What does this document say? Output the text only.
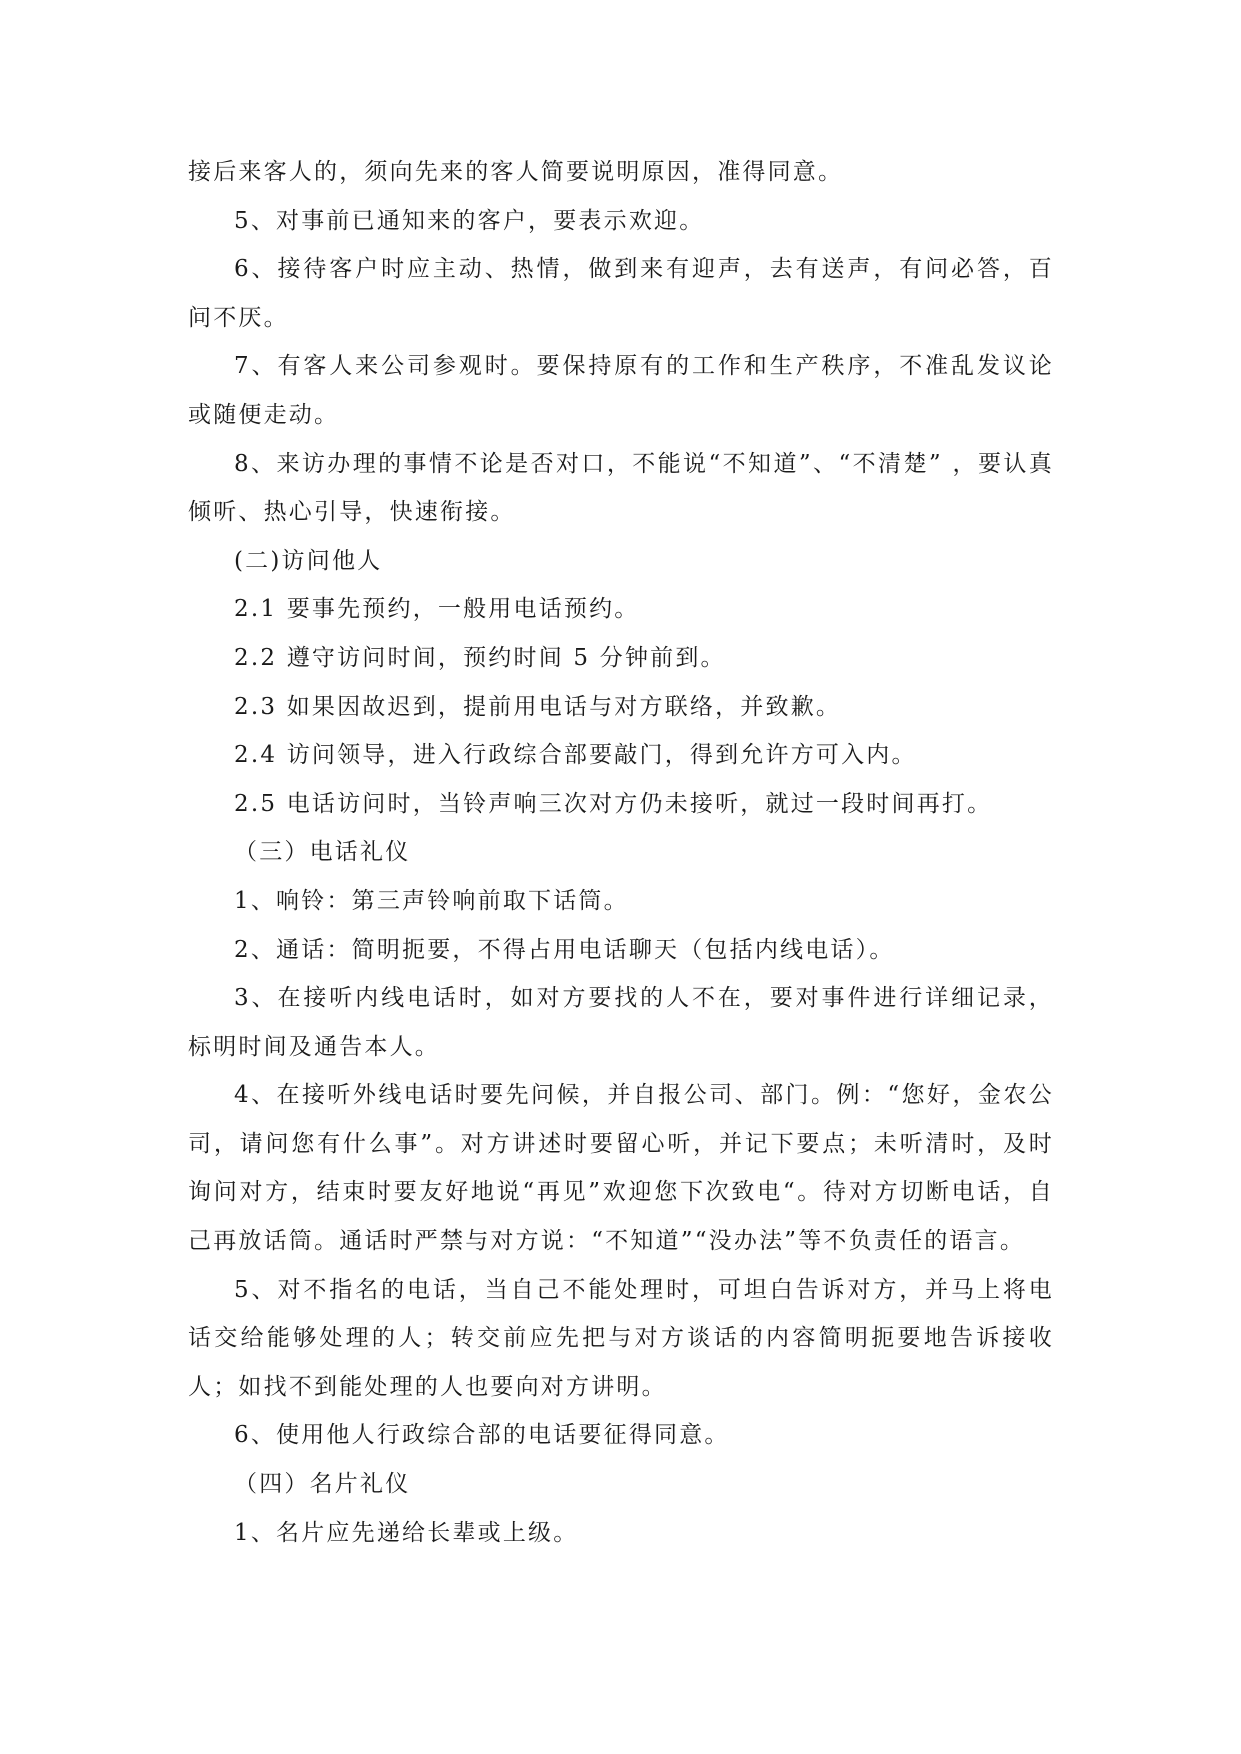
接后来客人的，须向先来的客人简要说明原因，准得同意。

5、对事前已通知来的客户，要表示欢迎。

6、接待客户时应主动、热情，做到来有迎声，去有送声，有问必答，百问不厌。

7、有客人来公司参观时。要保持原有的工作和生产秩序，不准乱发议论或随便走动。

8、来访办理的事情不论是否对口，不能说“不知道”、“不清楚” ，要认真倾听、热心引导，快速衔接。

(二)访问他人

2.1 要事先预约，一般用电话预约。

2.2 遵守访问时间，预约时间 5 分钟前到。

2.3 如果因故迟到，提前用电话与对方联络，并致歉。

2.4 访问领导，进入行政综合部要敲门，得到允许方可入内。

2.5 电话访问时，当铃声响三次对方仍未接听，就过一段时间再打。

（三）电话礼仪

1、响铃：第三声铃响前取下话筒。

2、通话：简明扼要，不得占用电话聊天（包括内线电话）。

3、在接听内线电话时，如对方要找的人不在，要对事件进行详细记录，标明时间及通告本人。

4、在接听外线电话时要先问候，并自报公司、部门。例：“您好，金农公司，请问您有什么事”。对方讲述时要留心听，并记下要点；未听清时，及时询问对方，结束时要友好地说“再见”欢迎您下次致电“。待对方切断电话，自己再放话筒。通话时严禁与对方说：“不知道”“没办法”等不负责任的语言。

5、对不指名的电话，当自己不能处理时，可坦白告诉对方，并马上将电话交给能够处理的人；转交前应先把与对方谈话的内容简明扼要地告诉接收人；如找不到能处理的人也要向对方讲明。

6、使用他人行政综合部的电话要征得同意。

（四）名片礼仪

1、名片应先递给长辈或上级。
